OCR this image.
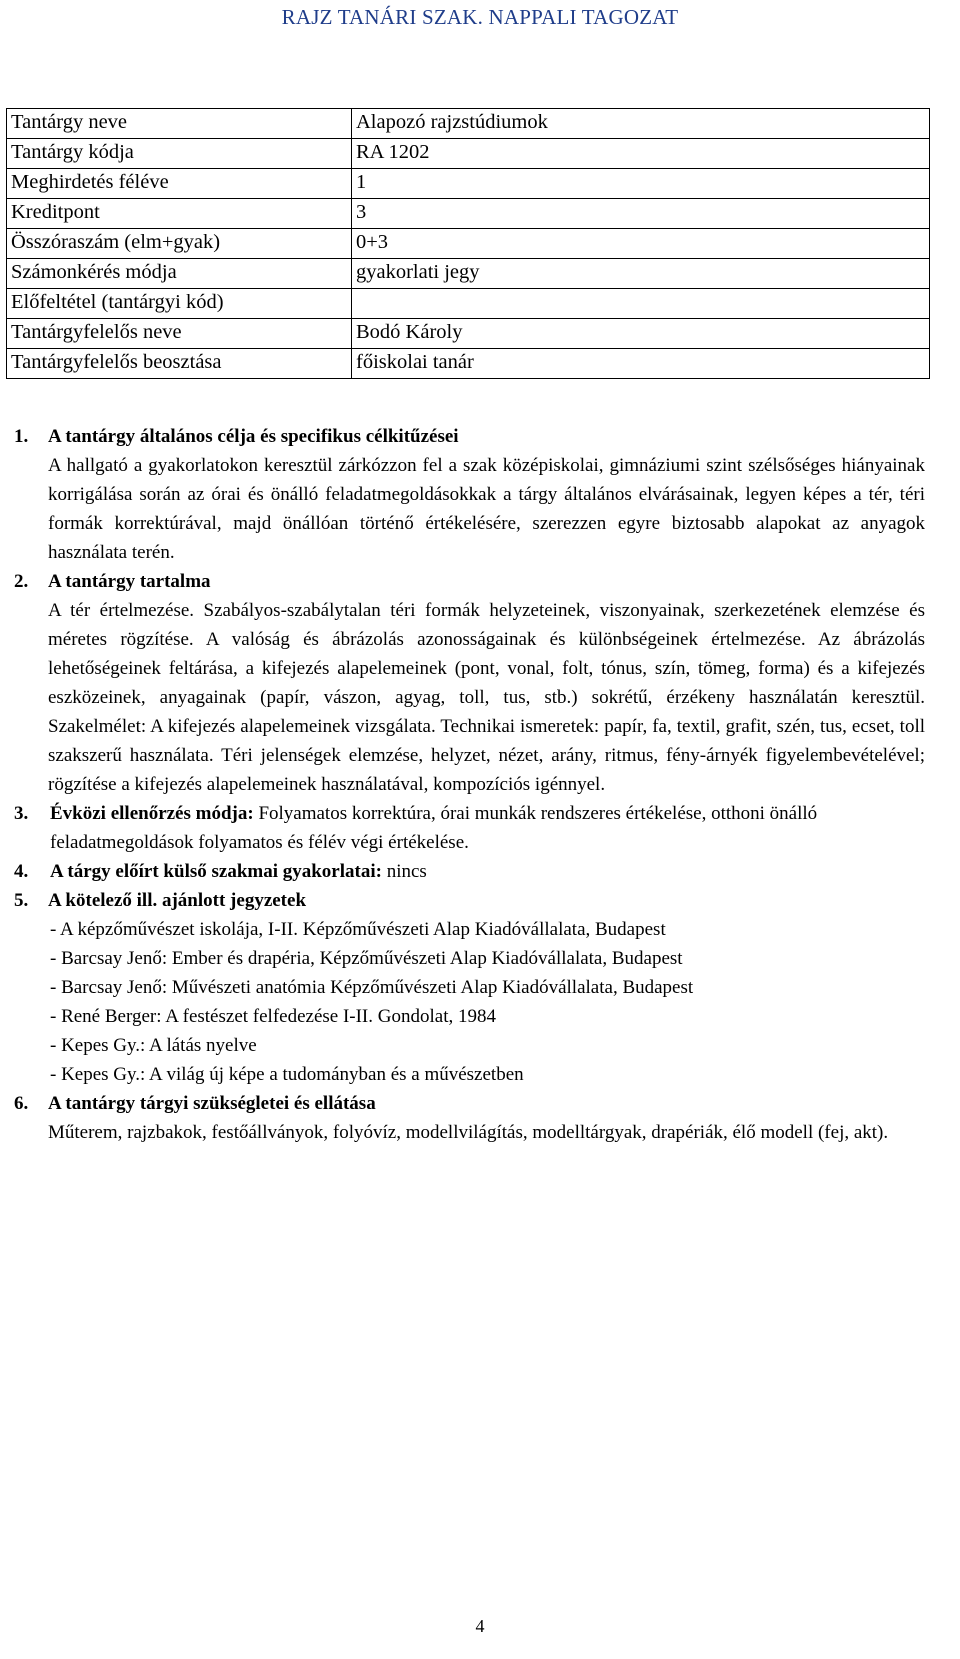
RAJZ TANÁRI SZAK. NAPPALI TAGOZAT
Tantárgy neve	Alapozó rajzstúdiumok
Tantárgy kódja	RA 1202
Meghirdetés féléve	1
Kreditpont	3
Összóraszám (elm+gyak)	0+3
Számonkérés módja	gyakorlati jegy
Előfeltétel (tantárgyi kód)	
Tantárgyfelelős neve	Bodó Károly
Tantárgyfelelős beosztása	főiskolai tanár
1. A tantárgy általános célja és specifikus célkitűzései

A hallgató a gyakorlatokon keresztül zárkózzon fel a szak középiskolai, gimnáziumi szint szélsőséges hiányainak korrigálása során az órai és önálló feladatmegoldásokkak a tárgy általános elvárásainak, legyen képes a tér, téri formák korrektúrával, majd önállóan történő értékelésére, szerezzen egyre biztosabb alapokat az anyagok használata terén.

2. A tantárgy tartalma

A tér értelmezése. Szabályos-szabálytalan téri formák helyzeteinek, viszonyainak, szerkezetének elemzése és méretes rögzítése. A valóság és ábrázolás azonosságainak és különbségeinek értelmezése. Az ábrázolás lehetőségeinek feltárása, a kifejezés alapelemeinek (pont, vonal, folt, tónus, szín, tömeg, forma) és a kifejezés eszközeinek, anyagainak (papír, vászon, agyag, toll, tus, stb.) sokrétű, érzékeny használatán keresztül. Szakelmélet: A kifejezés alapelemeinek vizsgálata. Technikai ismeretek: papír, fa, textil, grafit, szén, tus, ecset, toll szakszerű használata. Téri jelenségek elemzése, helyzet, nézet, arány, ritmus, fény-árnyék figyelembevételével; rögzítése a kifejezés alapelemeinek használatával, kompozíciós igénnyel.

3. Évközi ellenőrzés módja: Folyamatos korrektúra, órai munkák rendszeres értékelése, otthoni önálló feladatmegoldások folyamatos és félév végi értékelése.
4. A tárgy előírt külső szakmai gyakorlatai: nincs
5. A kötelező ill. ajánlott jegyzetek
- A képzőművészet iskolája, I-II. Képzőművészeti Alap Kiadóvállalata, Budapest
- Barcsay Jenő: Ember és drapéria, Képzőművészeti Alap Kiadóvállalata, Budapest
- Barcsay Jenő: Művészeti anatómia Képzőművészeti Alap Kiadóvállalata, Budapest
- René Berger: A festészet felfedezése I-II. Gondolat, 1984
- Kepes Gy.: A látás nyelve
- Kepes Gy.: A világ új képe a tudományban és a művészetben
6. A tantárgy tárgyi szükségletei és ellátása

Műterem, rajzbakok, festőállványok, folyóvíz, modellvilágítás, modelltárgyak, drapériák, élő modell (fej, akt).

4
